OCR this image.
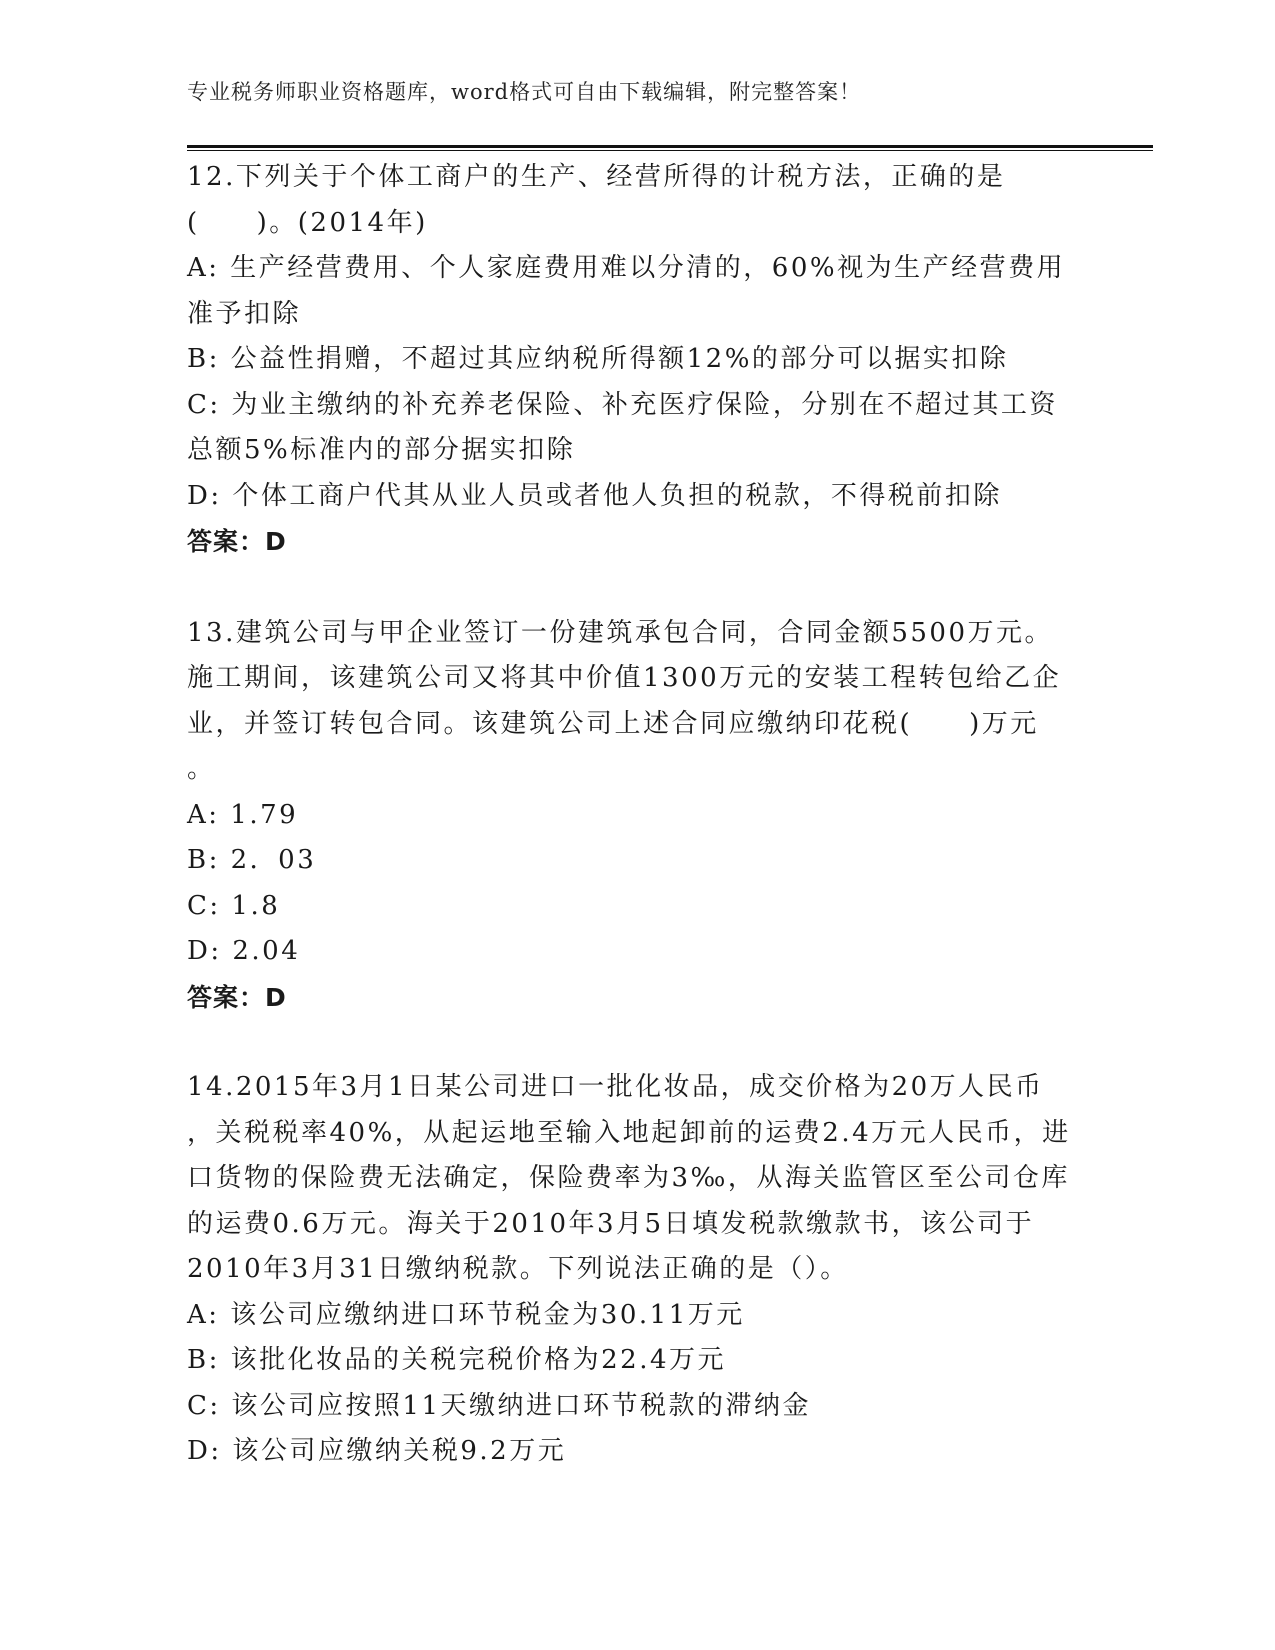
专业税务师职业资格题库，word格式可自由下载编辑，附完整答案！
12.下列关于个体工商户的生产、经营所得的计税方法，正确的是
(　　)。(2014年)
A: 生产经营费用、个人家庭费用难以分清的，60%视为生产经营费用
准予扣除
B: 公益性捐赠，不超过其应纳税所得额12%的部分可以据实扣除
C: 为业主缴纳的补充养老保险、补充医疗保险，分别在不超过其工资
总额5%标准内的部分据实扣除
D: 个体工商户代其从业人员或者他人负担的税款，不得税前扣除
答案：D
13.建筑公司与甲企业签订一份建筑承包合同，合同金额5500万元。
施工期间，该建筑公司又将其中价值1300万元的安装工程转包给乙企
业，并签订转包合同。该建筑公司上述合同应缴纳印花税(　　)万元
。
A: 1.79
B: 2．03
C: 1.8
D: 2.04
答案：D
14.2015年3月1日某公司进口一批化妆品，成交价格为20万人民币
，关税税率40%，从起运地至输入地起卸前的运费2.4万元人民币，进
口货物的保险费无法确定，保险费率为3‰，从海关监管区至公司仓库
的运费0.6万元。海关于2010年3月5日填发税款缴款书，该公司于
2010年3月31日缴纳税款。下列说法正确的是（）。
A: 该公司应缴纳进口环节税金为30.11万元
B: 该批化妆品的关税完税价格为22.4万元
C: 该公司应按照11天缴纳进口环节税款的滞纳金
D: 该公司应缴纳关税9.2万元
